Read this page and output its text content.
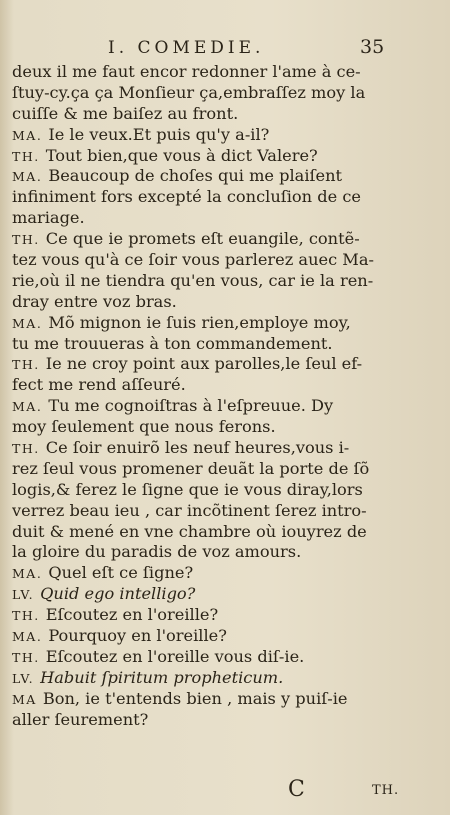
I. COMEDIE.	35
deux il me faut encor redonner l'ame à ce-
ſtuy-cy.ça ça Monſieur ça,embraſſez moy la
cuiſſe & me baiſez au front.
MA. Ie le veux.Et puis qu'y a-il?
TH. Tout bien,que vous à dict Valere?
MA. Beaucoup de choſes qui me plaiſent
infiniment fors excepté la concluſion de ce
mariage.
TH. Ce que ie promets eſt euangile, contẽ-
tez vous qu'à ce ſoir vous parlerez auec Ma-
rie,où il ne tiendra qu'en vous, car ie la ren-
dray entre voz bras.
MA. Mõ mignon ie ſuis rien,employe moy,
tu me trouueras à ton commandement.
TH. Ie ne croy point aux parolles,le ſeul ef-
fect me rend aſſeuré.
MA. Tu me cognoiſtras à l'eſpreuue. Dy
moy ſeulement que nous ferons.
TH. Ce ſoir enuirõ les neuf heures,vous i-
rez ſeul vous promener deuãt la porte de ſõ
logis,& ferez le ſigne que ie vous diray,lors
verrez beau ieu , car incõtinent ſerez intro-
duit & mené en vne chambre où iouyrez de
la gloire du paradis de voz amours.
MA. Quel eſt ce ſigne?
LV. Quid ego intelligo?
TH. Eſcoutez en l'oreille?
MA. Pourquoy en l'oreille?
TH. Eſcoutez en l'oreille vous diſ-ie.
LV. Habuit ſpiritum propheticum.
MA Bon, ie t'entends bien , mais y puiſ-ie
aller ſeurement?
C	TH.
